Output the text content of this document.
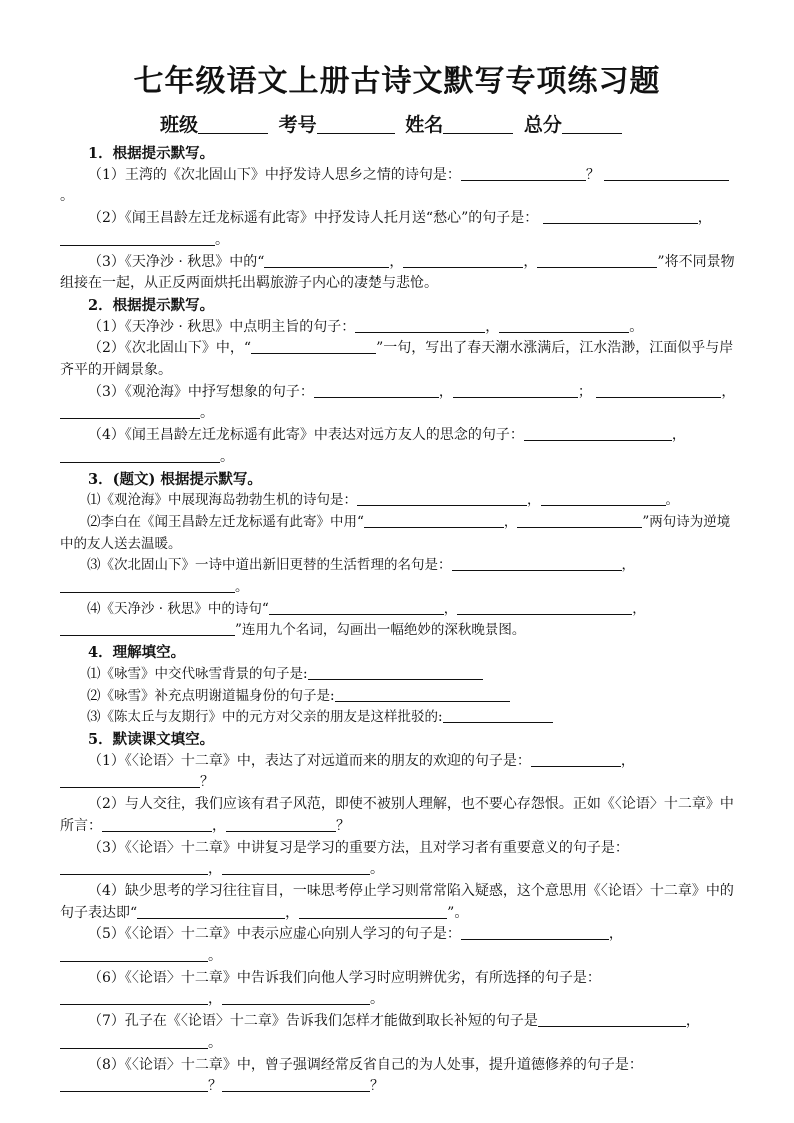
七年级语文上册古诗文默写专项练习题
班级	考号	姓名	总分

1．根据提示默写。

（1）王湾的《次北固山下》中抒发诗人思乡之情的诗句是：	？ 。

（2）《闻王昌龄左迁龙标遥有此寄》中抒发诗人托月送“愁心”的句子是：	，。

（3）《天净沙 · 秋思》中的“	，	，	”将不同景物组接在一起，从正反两面烘托出羁旅游子内心的凄楚与悲怆。

2．根据提示默写。

（1）《天净沙 · 秋思》中点明主旨的句子：	，	。

（2）《次北固山下》中，“	”一句，写出了春天潮水涨满后，江水浩渺，江面似乎与岸齐平的开阔景象。

（3）《观沧海》中抒写想象的句子：	，	；	，。

（4）《闻王昌龄左迁龙标遥有此寄》中表达对远方友人的思念的句子：	， 。

3．(题文) 根据提示默写。

⑴《观沧海》中展现海岛勃勃生机的诗句是：	，	。

⑵李白在《闻王昌龄左迁龙标遥有此寄》中用“	，	”两句诗为逆境中的友人送去温暖。

⑶《次北固山下》一诗中道出新旧更替的生活哲理的名句是：	， 。

⑷《天净沙 · 秋思》中的诗句“	，	， ”连用九个名词，勾画出一幅绝妙的深秋晚景图。

4．理解填空。

⑴《咏雪》中交代咏雪背景的句子是:

⑵《咏雪》补充点明谢道韫身份的句子是:

⑶《陈太丘与友期行》中的元方对父亲的朋友是这样批驳的:

5．默读课文填空。

（1）《〈论语〉十二章》中，表达了对远道而来的朋友的欢迎的句子是：	， ？

（2）与人交往，我们应该有君子风范，即使不被别人理解，也不要心存怨恨。正如《〈论语〉十二章》中所言：	，	？

（3）《〈论语〉十二章》中讲复习是学习的重要方法，且对学习者有重要意义的句子是： ，	。

（4）缺少思考的学习往往盲目，一味思考停止学习则常常陷入疑惑，这个意思用《〈论语〉十二章》中的句子表达即“	，	”。

（5）《〈论语〉十二章》中表示应虚心向别人学习的句子是：	， 。

（6）《〈论语〉十二章》中告诉我们向他人学习时应明辨优劣，有所选择的句子是： ，	。

（7）孔子在《〈论语〉十二章》告诉我们怎样才能做到取长补短的句子是	， 。

（8）《〈论语〉十二章》中，曾子强调经常反省自己的为人处事，提升道德修养的句子是： ？	？
